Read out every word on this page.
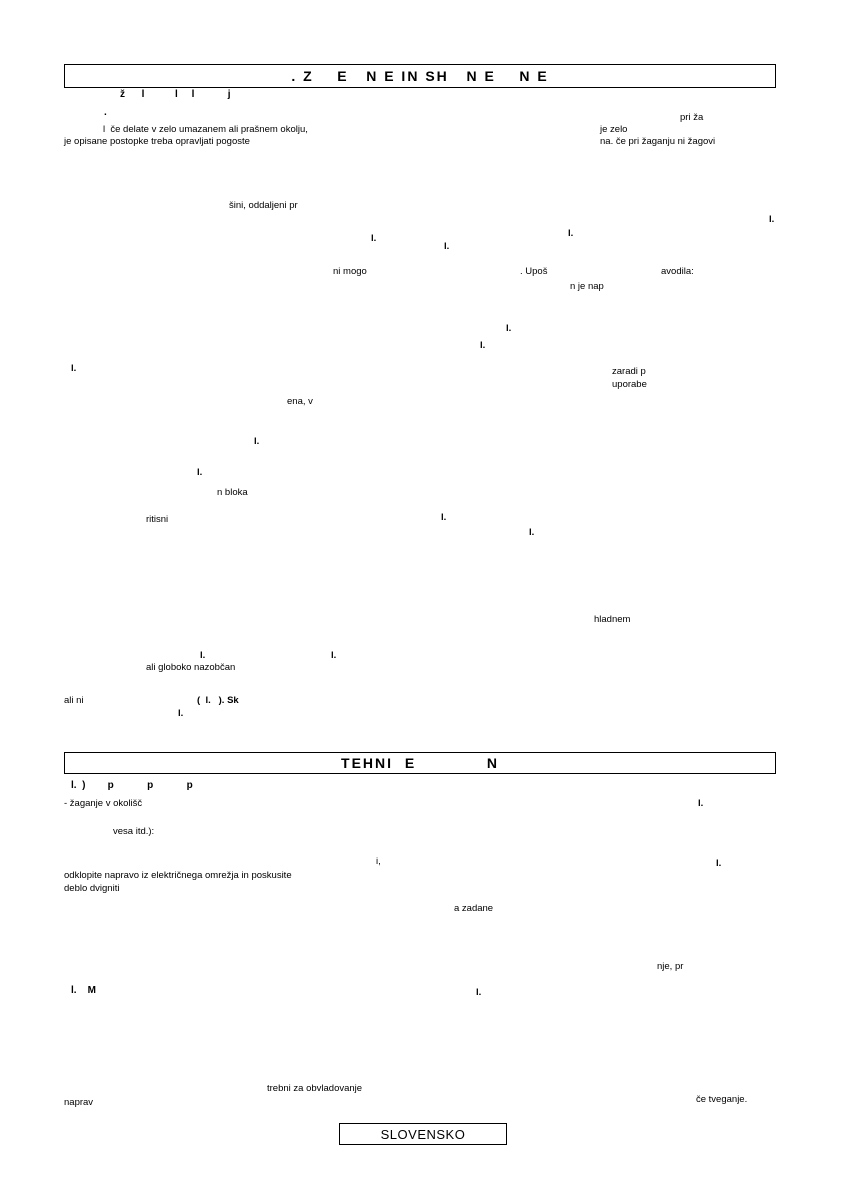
. Z    E   N E IN SH   N E    N E
TEHNI  E            N
ž      l           l     l            j
.	pri ža
l  če delate v zelo umazanem ali prašnem okolju,	je zelo
je opisane postopke treba opravljati pogoste	na. če pri žaganju ni žagovi
šini, oddaljeni pr
l.
l.
l.
l.
ni mogo	. Upoš	avodila:
n je nap
l.
l.
l.	zaradi p
uporabe
ena, v
l.
l.
n bloka
ritisni	l.
l.
hladnem
l.	l.
ali globoko nazobčan
ali ni	(  l.   ). Sk
l.
l.  )        p            p            p
- žaganje v okolišč	l.
vesa itd.):
i,	l.
odklopite napravo iz električnega omrežja in poskusite
deblo dvigniti
a zadane
nje, pr
l.    M	l.
trebni za obvladovanje
naprav	če tveganje.
SLOVENSKO
